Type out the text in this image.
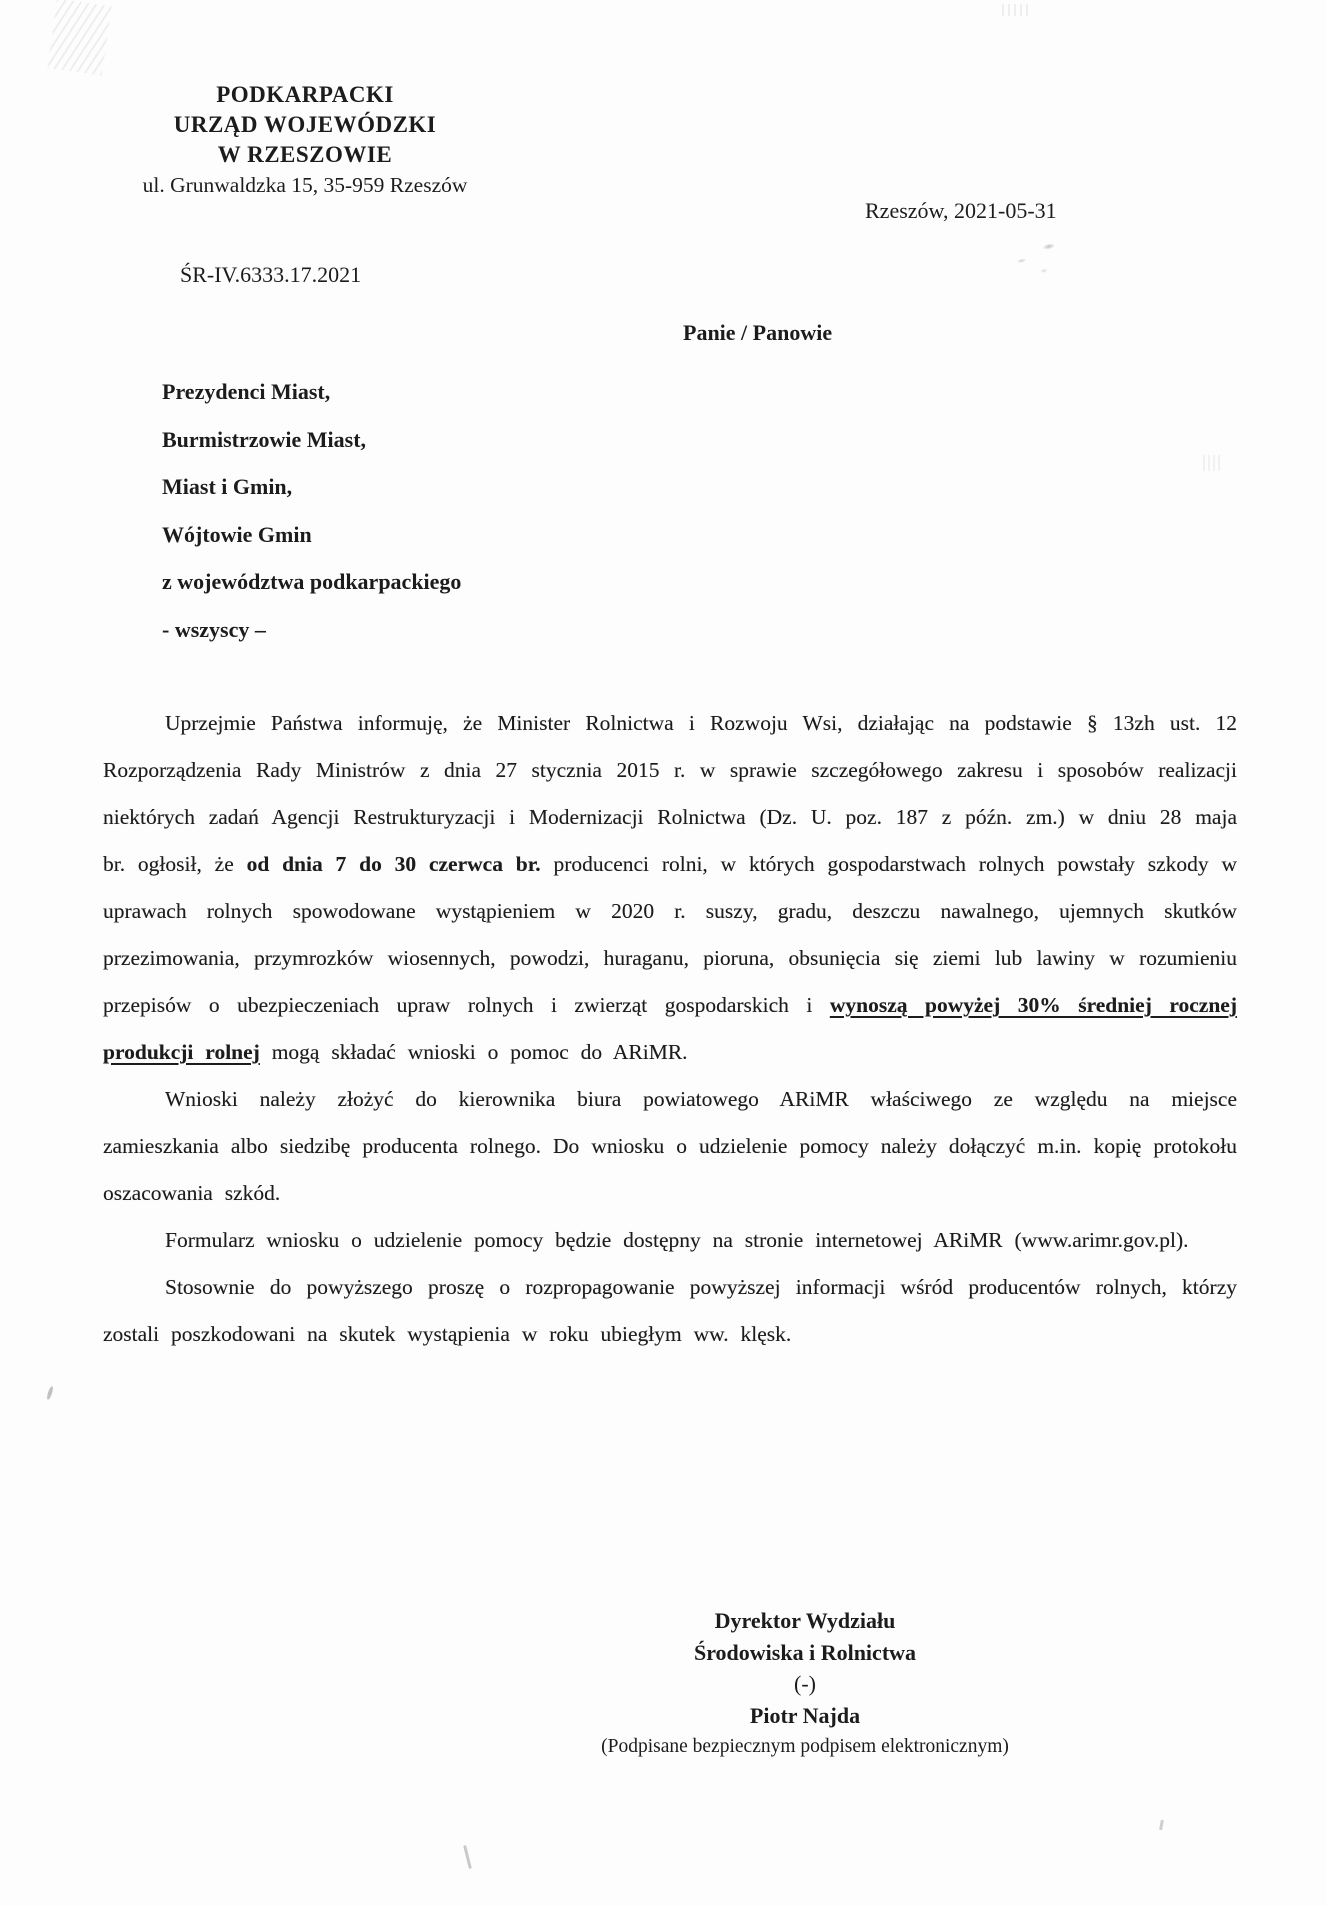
PODKARPACKI
URZĄD WOJEWÓDZKI
W RZESZOWIE
ul. Grunwaldzka 15, 35-959 Rzeszów
Rzeszów, 2021-05-31
ŚR-IV.6333.17.2021
Panie / Panowie
Prezydenci Miast,
Burmistrzowie Miast,
Miast i Gmin,
Wójtowie Gmin
z województwa podkarpackiego
- wszyscy –

Uprzejmie Państwa informuję, że Minister Rolnictwa i Rozwoju Wsi, działając na podstawie § 13zh ust. 12 Rozporządzenia Rady Ministrów z dnia 27 stycznia 2015 r. w sprawie szczegółowego zakresu i sposobów realizacji niektórych zadań Agencji Restrukturyzacji i Modernizacji Rolnictwa (Dz. U. poz. 187 z późn. zm.) w dniu 28 maja br. ogłosił, że od dnia 7 do 30 czerwca br. producenci rolni, w których gospodarstwach rolnych powstały szkody w uprawach rolnych spowodowane wystąpieniem w 2020 r. suszy, gradu, deszczu nawalnego, ujemnych skutków przezimowania, przymrozków wiosennych, powodzi, huraganu, pioruna, obsunięcia się ziemi lub lawiny w rozumieniu przepisów o ubezpieczeniach upraw rolnych i zwierząt gospodarskich i wynoszą powyżej 30% średniej rocznej produkcji rolnej mogą składać wnioski o pomoc do ARiMR.

Wnioski należy złożyć do kierownika biura powiatowego ARiMR właściwego ze względu na miejsce zamieszkania albo siedzibę producenta rolnego. Do wniosku o udzielenie pomocy należy dołączyć m.in. kopię protokołu oszacowania szkód.

Formularz wniosku o udzielenie pomocy będzie dostępny na stronie internetowej ARiMR (www.arimr.gov.pl).

Stosownie do powyższego proszę o rozpropagowanie powyższej informacji wśród producentów rolnych, którzy zostali poszkodowani na skutek wystąpienia w roku ubiegłym ww. klęsk.

Dyrektor Wydziału
Środowiska i Rolnictwa
(-)
Piotr Najda
(Podpisane bezpiecznym podpisem elektronicznym)
